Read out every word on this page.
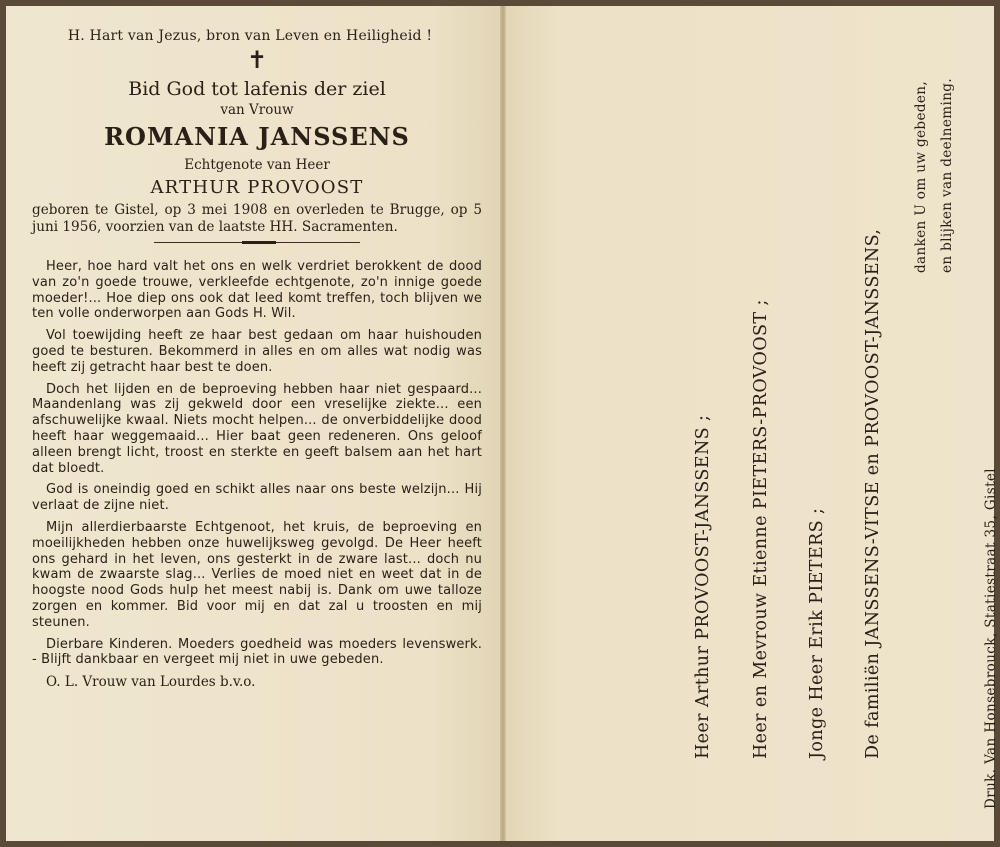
H. Hart van Jezus, bron van Leven en Heiligheid !
✝
Bid God tot lafenis der ziel
van Vrouw
ROMANIA JANSSENS
Echtgenote van Heer
ARTHUR PROVOOST

geboren te Gistel, op 3 mei 1908 en overleden te Brugge, op 5 juni 1956, voorzien van de laatste HH. Sacramenten.

Heer, hoe hard valt het ons en welk verdriet berokkent de dood van zo'n goede trouwe, verkleefde echtgenote, zo'n innige goede moeder!... Hoe diep ons ook dat leed komt treffen, toch blijven we ten volle onderworpen aan Gods H. Wil.

Vol toewijding heeft ze haar best gedaan om haar huishouden goed te besturen. Bekommerd in alles en om alles wat nodig was heeft zij getracht haar best te doen.

Doch het lijden en de beproeving hebben haar niet gespaard... Maandenlang was zij gekweld door een vreselijke ziekte... een afschuwelijke kwaal. Niets mocht helpen... de onverbiddelijke dood heeft haar weggemaaid... Hier baat geen redeneren. Ons geloof alleen brengt licht, troost en sterkte en geeft balsem aan het hart dat bloedt.

God is oneindig goed en schikt alles naar ons beste welzijn... Hij verlaat de zijne niet.

Mijn allerdierbaarste Echtgenoot, het kruis, de beproeving en moeilijkheden hebben onze huwelijksweg gevolgd. De Heer heeft ons gehard in het leven, ons gesterkt in de zware last... doch nu kwam de zwaarste slag... Verlies de moed niet en weet dat in de hoogste nood Gods hulp het meest nabij is. Dank om uwe talloze zorgen en kommer. Bid voor mij en dat zal u troosten en mij steunen.

Dierbare Kinderen. Moeders goedheid was moeders levenswerk. - Blijft dankbaar en vergeet mij niet in uwe gebeden.

O. L. Vrouw van Lourdes b.v.o.	Heer Arthur PROVOOST-JANSSENS ; Heer en Mevrouw Etienne PIETERS-PROVOOST ; Jonge Heer Erik PIETERS ; De familiën JANSSENS-VITSE en PROVOOST-JANSSENS,
danken U om uw gebeden, en blijken van deelneming.
Druk. Van Honsebrouck, Statiestraat 35, Gistel
